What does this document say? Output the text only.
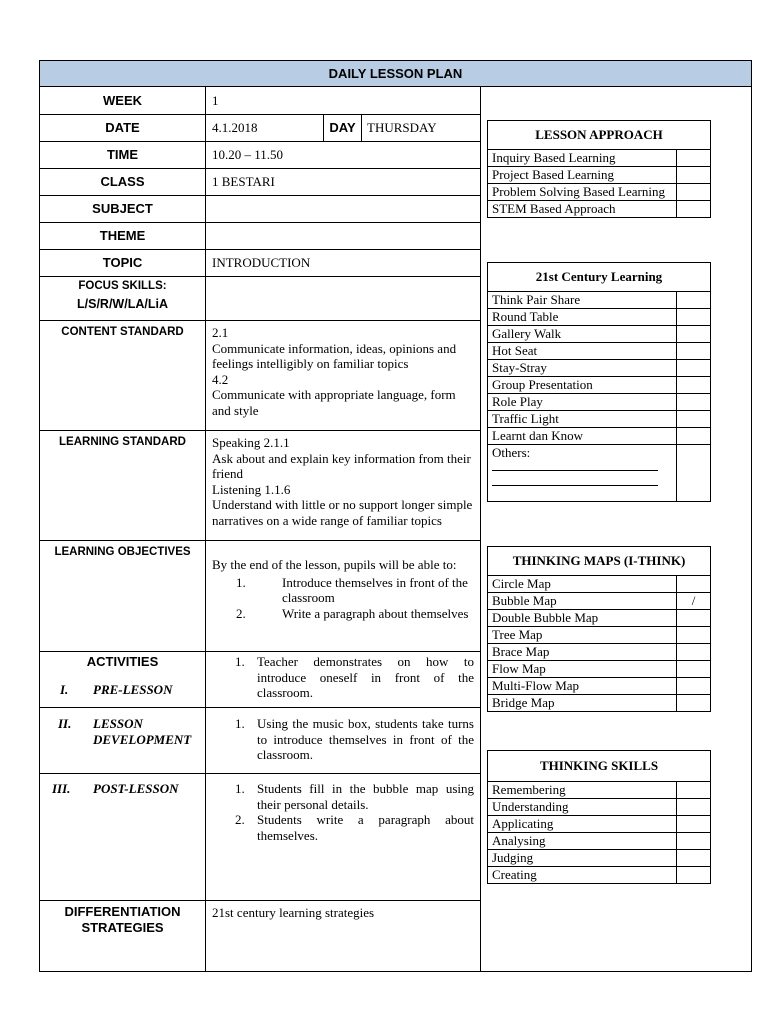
DAILY LESSON PLAN
WEEK	1
DATE	4.1.2018	DAY THURSDAY
TIME	10.20 – 11.50
CLASS	1 BESTARI
SUBJECT
THEME
TOPIC	INTRODUCTION
FOCUS SKILLS:
L/S/R/W/LA/LiA
CONTENT STANDARD	2.1
Communicate information, ideas, opinions and feelings intelligibly on familiar topics
4.2
Communicate with appropriate language, form and style
LEARNING STANDARD	Speaking 2.1.1
Ask about and explain key information from their friend
Listening 1.1.6
Understand with little or no support longer simple narratives on a wide range of familiar topics
LEARNING OBJECTIVES
By the end of the lesson, pupils will be able to:
1.	Introduce themselves in front of the classroom
2.	Write a paragraph about themselves
ACTIVITIES
I. PRE-LESSON
1. Teacher demonstrates on how to introduce oneself in front of the classroom.
II. LESSON
DEVELOPMENT
1. Using the music box, students take turns to introduce themselves in front of the classroom.
III. POST-LESSON	1. Students fill in the bubble map using their personal details.
2. Students write a paragraph about themselves.
DIFFERENTIATION
STRATEGIES
21st century learning strategies
LESSON APPROACH	
Inquiry Based Learning	
Project Based Learning	
Problem Solving Based Learning	
STEM Based Approach	
21st Century Learning	
Think Pair Share	
Round Table	
Gallery Walk	
Hot Seat	
Stay-Stray	
Group Presentation	
Role Play	
Traffic Light	
Learnt dan Know	

Others:	

THINKING MAPS (I-THINK)	
Circle Map	
Bubble Map	/
Double Bubble Map	
Tree Map	
Brace Map	
Flow Map	
Multi-Flow Map	
Bridge Map	
THINKING SKILLS	
Remembering	
Understanding	
Applicating	
Analysing	
Judging	
Creating	
